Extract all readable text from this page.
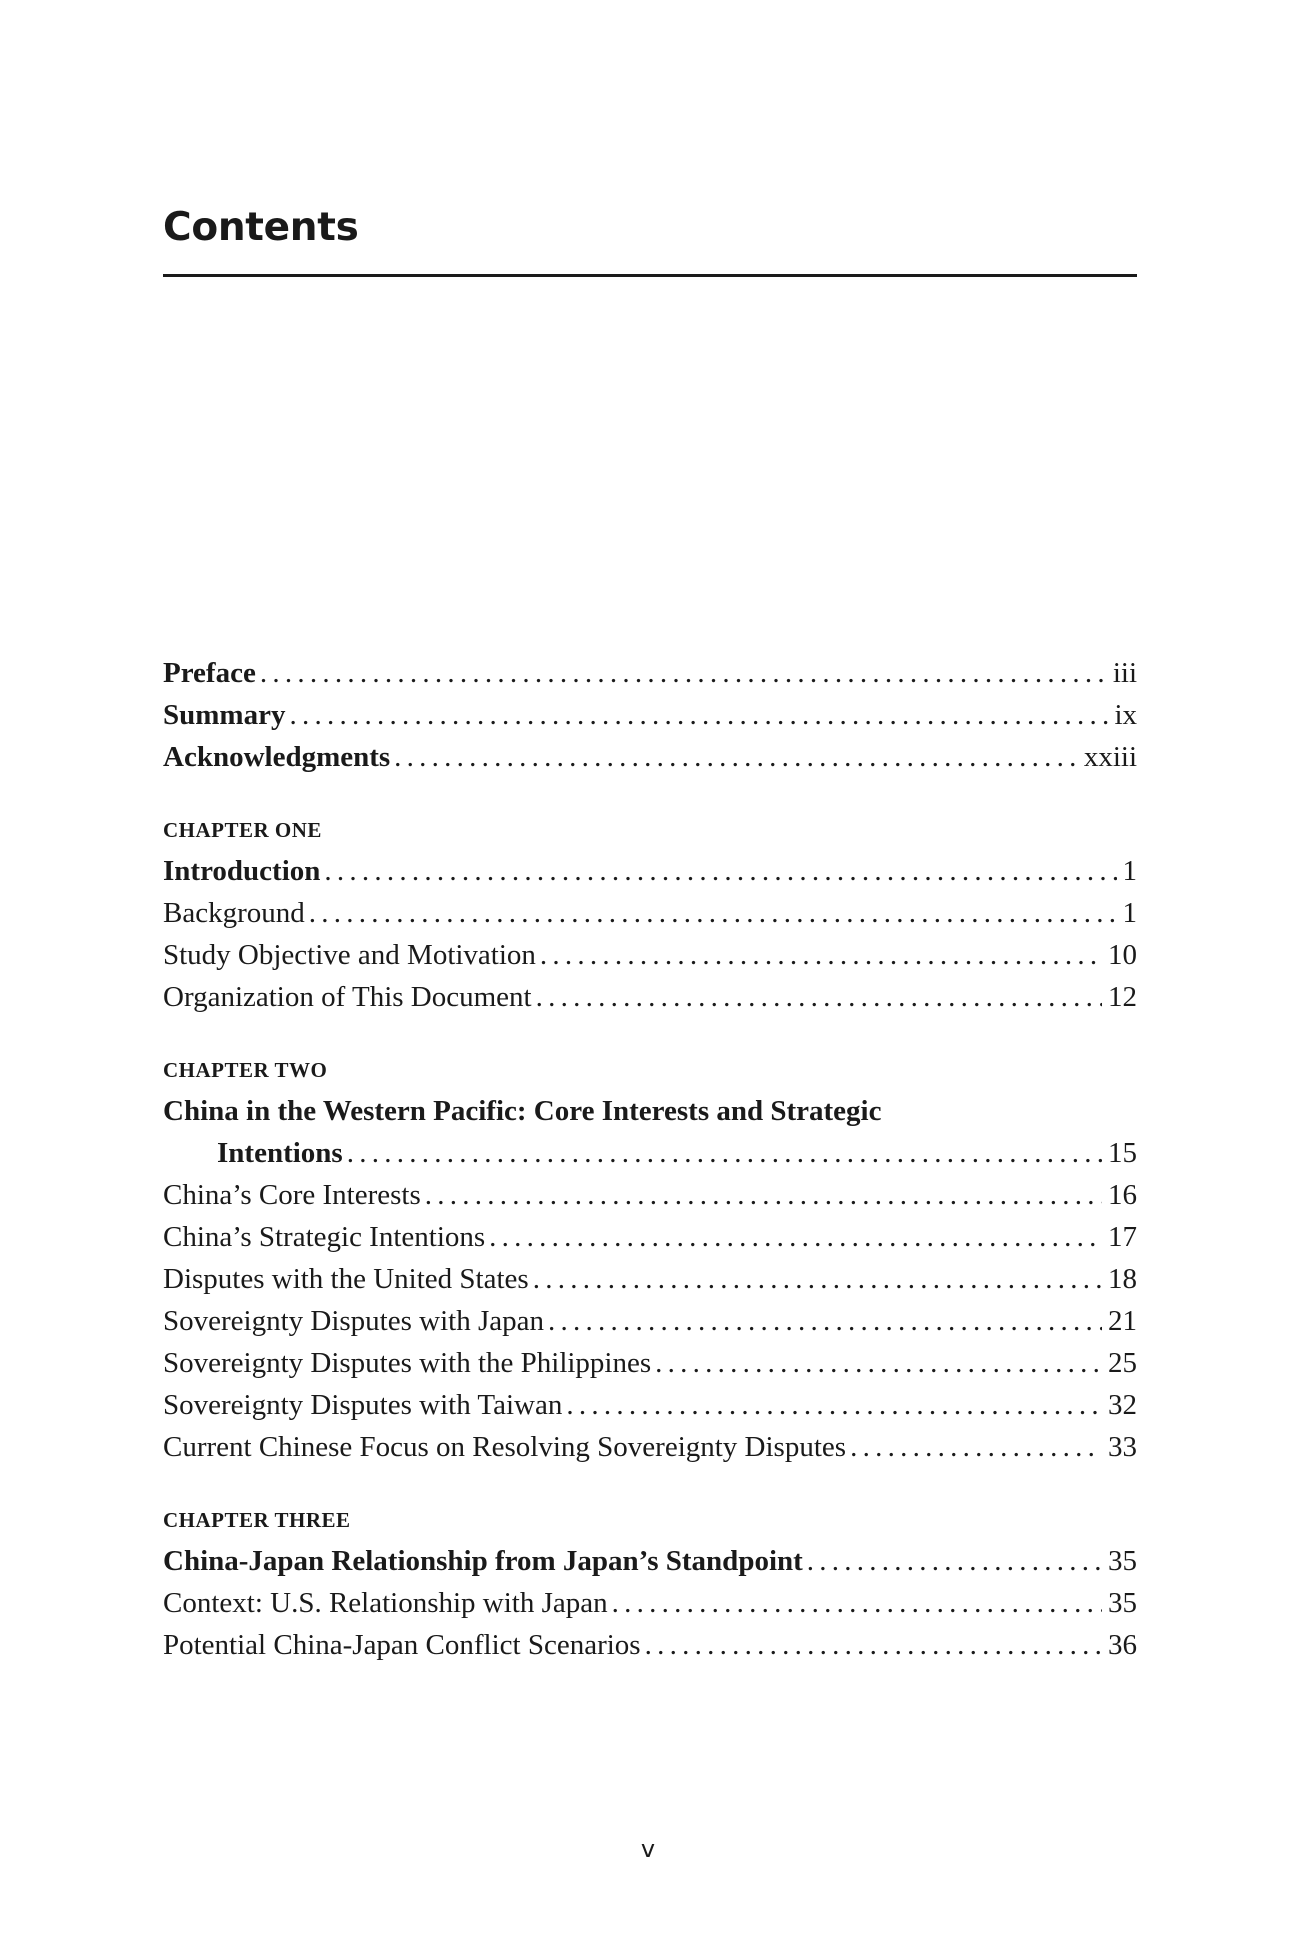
Contents
Preface . . .	iii
Summary . . .	ix
Acknowledgments . . .	xxiii
CHAPTER ONE
Introduction . . .	1
Background . . .	1
Study Objective and Motivation . . .	10
Organization of This Document . . .	12
CHAPTER TWO
China in the Western Pacific: Core Interests and Strategic
Intentions . . .	15
China’s Core Interests . . .	16
China’s Strategic Intentions . . .	17
Disputes with the United States . . .	18
Sovereignty Disputes with Japan . . .	21
Sovereignty Disputes with the Philippines . . .	25
Sovereignty Disputes with Taiwan . . .	32
Current Chinese Focus on Resolving Sovereignty Disputes . . .	33
CHAPTER THREE
China-Japan Relationship from Japan’s Standpoint . . .	35
Context: U.S. Relationship with Japan . . .	35
Potential China-Japan Conflict Scenarios . . .	36
v
